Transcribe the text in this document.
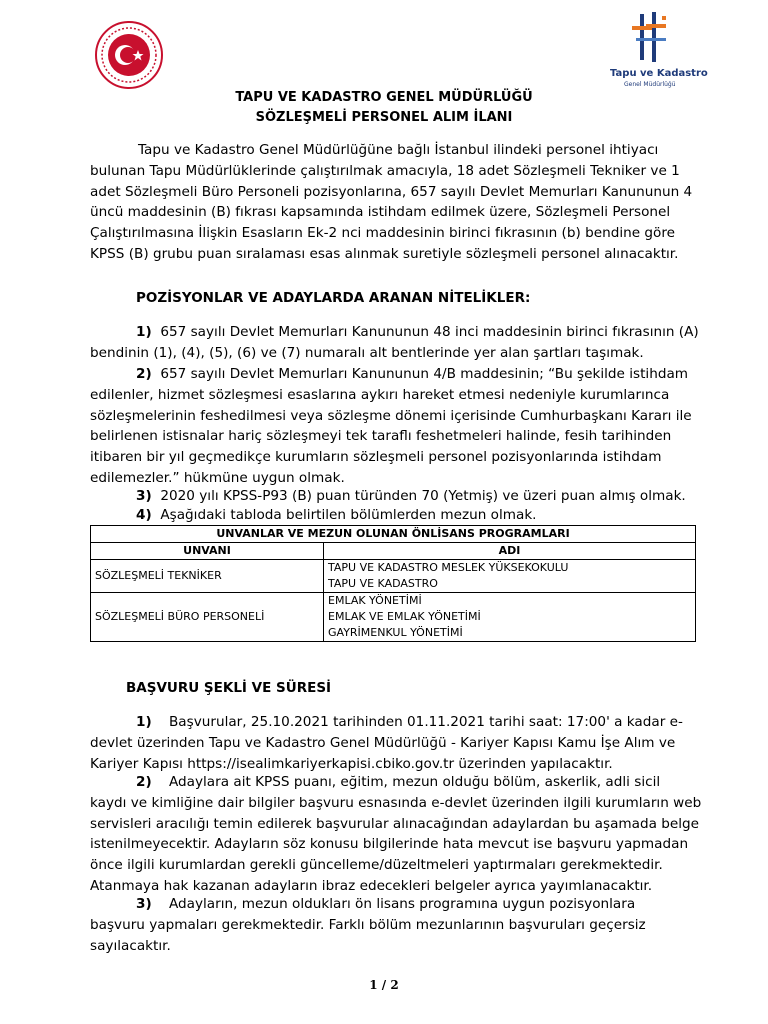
Tapu ve Kadastro
Genel Müdürlüğü
TAPU VE KADASTRO GENEL MÜDÜRLÜĞÜ
SÖZLEŞMELİ PERSONEL ALIM İLANI
Tapu ve Kadastro Genel Müdürlüğüne bağlı İstanbul ilindeki personel ihtiyacı
bulunan Tapu Müdürlüklerinde çalıştırılmak amacıyla, 18 adet Sözleşmeli Tekniker ve 1
adet Sözleşmeli Büro Personeli pozisyonlarına, 657 sayılı Devlet Memurları Kanununun 4
üncü maddesinin (B) fıkrası kapsamında istihdam edilmek üzere, Sözleşmeli Personel
Çalıştırılmasına İlişkin Esasların Ek-2 nci maddesinin birinci fıkrasının (b) bendine göre
KPSS (B) grubu puan sıralaması esas alınmak suretiyle sözleşmeli personel alınacaktır.
POZİSYONLAR VE ADAYLARDA ARANAN NİTELİKLER:
1) 657 sayılı Devlet Memurları Kanununun 48 inci maddesinin birinci fıkrasının (A)
bendinin (1), (4), (5), (6) ve (7) numaralı alt bentlerinde yer alan şartları taşımak.
2) 657 sayılı Devlet Memurları Kanununun 4/B maddesinin; “Bu şekilde istihdam
edilenler, hizmet sözleşmesi esaslarına aykırı hareket etmesi nedeniyle kurumlarınca
sözleşmelerinin feshedilmesi veya sözleşme dönemi içerisinde Cumhurbaşkanı Kararı ile
belirlenen istisnalar hariç sözleşmeyi tek taraflı feshetmeleri halinde, fesih tarihinden
itibaren bir yıl geçmedikçe kurumların sözleşmeli personel pozisyonlarında istihdam
edilemezler.” hükmüne uygun olmak.
3) 2020 yılı KPSS-P93 (B) puan türünden 70 (Yetmiş) ve üzeri puan almış olmak.
4) Aşağıdaki tabloda belirtilen bölümlerden mezun olmak.
UNVANLAR VE MEZUN OLUNAN ÖNLİSANS PROGRAMLARI	
UNVANI	ADI
SÖZLEŞMELİ TEKNİKER	TAPU VE KADASTRO MESLEK YÜKSEKOKULU
TAPU VE KADASTRO

SÖZLEŞMELİ BÜRO PERSONELİ	EMLAK YÖNETİMİ
EMLAK VE EMLAK YÖNETİMİ
GAYRİMENKUL YÖNETİMİ
BAŞVURU ŞEKLİ VE SÜRESİ
1) Başvurular, 25.10.2021 tarihinden 01.11.2021 tarihi saat: 17:00' a kadar e-
devlet üzerinden Tapu ve Kadastro Genel Müdürlüğü - Kariyer Kapısı Kamu İşe Alım ve
Kariyer Kapısı https://isealimkariyerkapisi.cbiko.gov.tr üzerinden yapılacaktır.
2) Adaylara ait KPSS puanı, eğitim, mezun olduğu bölüm, askerlik, adli sicil
kaydı ve kimliğine dair bilgiler başvuru esnasında e-devlet üzerinden ilgili kurumların web
servisleri aracılığı temin edilerek başvurular alınacağından adaylardan bu aşamada belge
istenilmeyecektir. Adayların söz konusu bilgilerinde hata mevcut ise başvuru yapmadan
önce ilgili kurumlardan gerekli güncelleme/düzeltmeleri yaptırmaları gerekmektedir.
Atanmaya hak kazanan adayların ibraz edecekleri belgeler ayrıca yayımlanacaktır.
3) Adayların, mezun oldukları ön lisans programına uygun pozisyonlara
başvuru yapmaları gerekmektedir. Farklı bölüm mezunlarının başvuruları geçersiz
sayılacaktır.
1 / 2
